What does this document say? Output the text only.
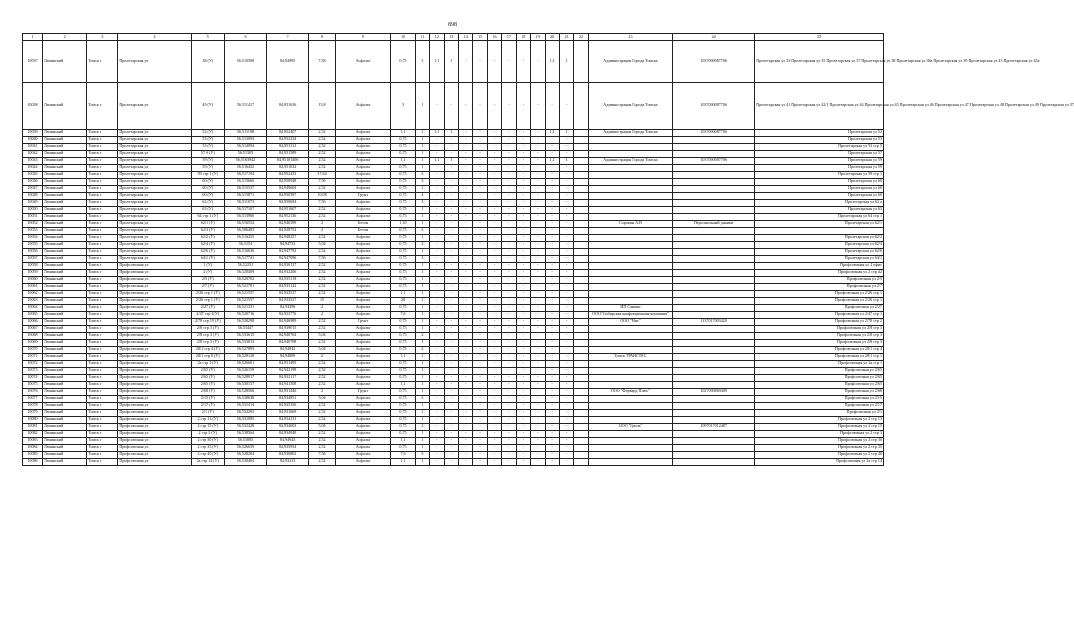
898
1	2	3	4	5	6	7	8	9	10	11	12	13	14	15	16	17	18	19	20	21	22	23	24	25
10037	Ленинский	Томск г	Пролетарская ул	38 (У)	56,510508	84,94985	7,38	Асфальт	0,75	1	1,1	1	-	-	-	-	-	-	1,1	1		Администрация Города Томска	1037000087706	Пролетарская ул 33 Пролетарская ул 35 Пролетарская ул 37 Пролетарская ул 38 Пролетарская ул 38а Пролетарская ул 39 Пролетарская ул 43 Пролетарская ул 43а
10038	Ленинский	Томск г	Пролетарская ул	49 (У)	56,511417	84,951656	15,8	Асфальт	3	1	-	-	-	-	-	-	-	-	-	-		Администрация Города Томска	1037000087706	Пролетарская ул 41 Пролетарская ул 42/1 Пролетарская ул 44 Пролетарская ул 45 Пролетарская ул 46 Пролетарская ул 47 Пролетарская ул 48 Пролетарская ул 49 Пролетарская ул 57
10039	Ленинский	Томск г	Пролетарская ул	52 (У)	56,511198	84,952407	2,52	Асфальт	1,1	1	1,1	1	-	-	-	-	-	-	1,1	1		Администрация Города Томска	1037000087706	Пролетарская ул 52
10040	Ленинский	Томск г	Пролетарская ул	53 (У)	56,513093	84,952234	2,52	Асфальт	0,75	1	-	-	-	-	-	-	-	-	-	-				Пролетарская ул 53
10041	Ленинский	Томск г	Пролетарская ул	53 (У)	56,514094	84,953112	2,52	Асфальт	0,75	1	-	-	-	-	-	-	-	-	-	-				Пролетарская ул 53 стр 5
10042	Ленинский	Томск г	Пролетарская ул	57 б (У)	56,51305	84,951589	2,52	Асфальт	0,75	1	-	-	-	-	-	-	-	-	-	-				Пролетарская ул 57
10043	Ленинский	Томск г	Пролетарская ул	59 (У)	56,5163942	84,95101406	2,52	Асфальт	1,1	1	1,1	1	-	-	-	-	-	-	1,1	1		Администрация Города Томска	1037000087706	Пролетарская ул 59
10044	Ленинский	Томск г	Пролетарская ул	59 (У)	56,516432	84,951032	2,52	Асфальт	0,75	1	-	-	-	-	-	-	-	-	-	-				Пролетарская ул 59
10045	Ленинский	Томск г	Пролетарская ул	59 стр 1 (У)	56,517194	84,952433	17,64	Асфальт	0,75	2	-	-	-	-	-	-	-	-	-	-				Пролетарская ул 59 стр 1
10046	Ленинский	Томск г	Пролетарская ул	60 (У)	56,515666	84,950948	7,56	Асфальт	0,75	3	-	-	-	-	-	-	-	-	-	-				Пролетарская ул 60
10047	Ленинский	Томск г	Пролетарская ул	60 (У)	56,515537	84,949604	2,52	Асфальт	0,75	1	-	-	-	-	-	-	-	-	-	-				Пролетарская ул 60
10048	Ленинский	Томск г	Пролетарская ул	60 (У)	56,515871	84,950587	10,08	Грунт	0,75	4	-	-	-	-	-	-	-	-	-	-				Пролетарская ул 60
10049	Ленинский	Томск г	Пролетарская ул	62 (У)	56,511073	84,950694	7,56	Асфальт	0,75	3	-	-	-	-	-	-	-	-	-	-				Пролетарская ул 62 а
10050	Ленинский	Томск г	Пролетарская ул	63 (У)	56,517167	84,951607	2,52	Асфальт	0,75	1	-	-	-	-	-	-	-	-	-	-				Пролетарская ул 63
10051	Ленинский	Томск г	Пролетарская ул	64 стр 1 (У)	56,513960	84,952136	2,52	Асфальт	0,75	1	-	-	-	-	-	-	-	-	-	-				Пролетарская ул 64 стр 1
10052	Ленинский	Томск г	Пролетарская ул	62/1 (У)	56,516552	84,946599	2	Бетон	1,10	1	-	-	-	-	-	-	-	-	-	-		Сорокин А.В	Персональный данные	Пролетарская ул 62/1
10053	Ленинский	Томск г	Пролетарская ул	62/3 (У)	56,506483	84,928752	2	Бетон	0,75	2	-	-	-	-	-	-	-	-	-	-				
10054	Ленинский	Томск г	Пролетарская ул	62/2 (У)	56,516255	84,948257	2,52	Асфальт	0,75	1	-	-	-	-	-	-	-	-	-	-				Пролетарская ул 62/2
10055	Ленинский	Томск г	Пролетарская ул	62/4 (У)	56,5154	84,94733	5,04	Асфальт	0,75	2	-	-	-	-	-	-	-	-	-	-				Пролетарская ул 62/4
10056	Ленинский	Томск г	Пролетарская ул	62/6 (У)	56,516636	84,947792	2,52	Асфальт	0,75	1	-	-	-	-	-	-	-	-	-	-				Пролетарская ул 62/6
10057	Ленинский	Томск г	Пролетарская ул	64/1 (У)	56,517741	84,947096	7,56	Асфальт	0,75	3	-	-	-	-	-	-	-	-	-	-				Пролетарская ул 64/1
10058	Ленинский	Томск г	Профсоюзная ул	1 (У)	56,52231	84,936137	2,52	Асфальт	0,75	1	-	-	-	-	-	-	-	-	-	-				Профсоюзная ул 2 офис
10059	Ленинский	Томск г	Профсоюзная ул	2 (У)	56,520409	84,932206	2,52	Асфальт	0,75	1	-	-	-	-	-	-	-	-	-	-				Профсоюзная ул 2 стр 42
10060	Ленинский	Томск г	Профсоюзная ул	2/5 (У)	56,520702	84,935118	2,52	Асфальт	0,75	1	-	-	-	-	-	-	-	-	-	-				Профсоюзная ул 2/5
10061	Ленинский	Томск г	Профсоюзная ул	2/7 (У)	56,521781	84,933142	2,52	Асфальт	0,75	1	-	-	-	-	-	-	-	-	-	-				Профсоюзная ул 2/7
10062	Ленинский	Томск г	Профсоюзная ул	2/26 стр 1 (У)	56,521557	84,933527	2,52	Асфальт	1,1	1	-	-	-	-	-	-	-	-	-	-				Профсоюзная ул 2/26 стр 1
10063	Ленинский	Томск г	Профсоюзная ул	2/26 стр 1 (У)	56,521557	84,933527	15	Асфальт	20	1	-	-	-	-	-	-	-	-	-	-				Профсоюзная ул 2/26 стр 1
10064	Ленинский	Томск г	Профсоюзная ул	2/27 (У)	56,521331	84,93396	2	Асфальт	0,75	1	-	-	-	-	-	-	-	-	-	-		ИП Санкин		Профсоюзная ул 2/27
10065	Ленинский	Томск г	Профсоюзная ул	2/47 стр 1(У)	56,520716	84,933776	2	Асфальт	7,6	1	-	-	-	-	-	-	-	-	-	-		ООО"Сибирская конфекционная компания"		Профсоюзная ул 2/47 стр 1
10066	Ленинский	Томск г	Профсоюзная ул	2/78 стр 19 (У)	56,530298	84,946989	2,52	Грунт	0,75	1	-	-	-	-	-	-	-	-	-	-		ООО "Нит"	1137017003420	Профсоюзная ул 2/78 стр 2
10067	Ленинский	Томск г	Профсоюзная ул	2/8 стр 3 (У)	56,53447	84,939015	2,52	Асфальт	0,75	1	-	-	-	-	-	-	-	-	-	-				Профсоюзная ул 2/8 стр 3
10068	Ленинский	Томск г	Профсоюзная ул	2/8 стр 3 (У)	56,533615	84,940704	5,04	Асфальт	0,75	2	-	-	-	-	-	-	-	-	-	-				Профсоюзная ул 2/8 стр 3
10069	Ленинский	Томск г	Профсоюзная ул	2/8 стр 3 (У)	56,533813	84,940708	2,52	Асфальт	0,75	1	-	-	-	-	-	-	-	-	-	-				Профсоюзная ул 2/8 стр 3
10070	Ленинский	Томск г	Профсоюзная ул	28/1 стр 4 (У)	56,527893	84,94942	5,04	Асфальт	0,75	2	-	-	-	-	-	-	-	-	-	-				Профсоюзная ул 28/1 стр 4
10071	Ленинский	Томск г	Профсоюзная ул	28/1 стр 8 (У)	56,528128	84,94889	2	Асфальт	1,1	1	-	-	-	-	-	-	-	-	-	-		Томск ТРАНСТЕС		Профсоюзная ул 28/1 стр 1
10072	Ленинский	Томск г	Профсоюзная ул	2а стр 1 (У)	56,526601	84,931495	2,52	Асфальт	0,75	1	-	-	-	-	-	-	-	-	-	-				Профсоюзная ул 2а стр 1
10073	Ленинский	Томск г	Профсоюзная ул	2/65 (У)	56,526159	84,942198	2,52	Асфальт	0,75	1	-	-	-	-	-	-	-	-	-	-				Профсоюзная ул 2/65
10074	Ленинский	Томск г	Профсоюзная ул	2/65 (У)	56,528017	84,932117	2,52	Асфальт	0,75	1	-	-	-	-	-	-	-	-	-	-				Профсоюзная ул 2/65
10075	Ленинский	Томск г	Профсоюзная ул	2/65 (У)	56,530157	84,941508	2,52	Асфальт	1,1	1	-	-	-	-	-	-	-	-	-	-				Профсоюзная ул 2/65
10076	Ленинский	Томск г	Профсоюзная ул	2/68 (У)	56,528566	84,931446	2	Грунт	0,75	1	-	-	-	-	-	-	-	-	-	-		ООО "Форвард Плюс"	1027000869409	Профсоюзная ул 2/68
10077	Ленинский	Томск г	Профсоюзная ул	2/15 (У)	56,530638	84,934851	5,04	Асфальт	0,75	2	-	-	-	-	-	-	-	-	-	-				Профсоюзная ул 2/15
10078	Ленинский	Томск г	Профсоюзная ул	2/17 (У)	56,531414	84,935356	2,52	Асфальт	0,75	1	-	-	-	-	-	-	-	-	-	-				Профсоюзная ул 2/17
10079	Ленинский	Томск г	Профсоюзная ул	2/1 (У)	56,532205	84,931669	2,52	Асфальт	0,75	1	-	-	-	-	-	-	-	-	-	-				Профсоюзная ул 2/1
10080	Ленинский	Томск г	Профсоюзная ул	2 стр 13 (У)	56,531085	84,934131	2,52	Асфальт	0,75	1	-	-	-	-	-	-	-	-	-	-				Профсоюзная ул 2 стр 13
10081	Ленинский	Томск г	Профсоюзная ул	2 стр 15 (У)	56,532428	84,934603	5,04	Асфальт	0,75	2	-	-	-	-	-	-	-	-	-	-		ООО "Гриль"	1097017012487	Профсоюзная ул 2 стр 15
10082	Ленинский	Томск г	Профсоюзная ул	2 стр 3 (У)	56,538564	84,934948	2,52	Асфальт	0,75	1	-	-	-	-	-	-	-	-	-	-				Профсоюзная ул 2 стр 3
10083	Ленинский	Томск г	Профсоюзная ул	2 стр 30 (У)	56,53085	84,94943	2,52	Асфальт	1,1	1	-	-	-	-	-	-	-	-	-	-				Профсоюзная ул 2 стр 30
10084	Ленинский	Томск г	Профсоюзная ул	2 стр 35 (У)	56,526659	84,935954	2,52	Асфальт	0,75	1	-	-	-	-	-	-	-	-	-	-				Профсоюзная ул 2 стр 35
10085	Ленинский	Томск г	Профсоюзная ул	2 стр 40 (У)	56,528204	84,936802	7,56	Асфальт	7,6	3	-	-	-	-	-	-	-	-	-	-				Профсоюзная ул 2 стр 40
10086	Ленинский	Томск г	Профсоюзная ул	2а стр 14 (У)	56,530404	84,93213	2,52	Асфальт	1,1	1	-	-	-	-	-	-	-	-	-	-				Профсоюзная ул 2а стр 14
